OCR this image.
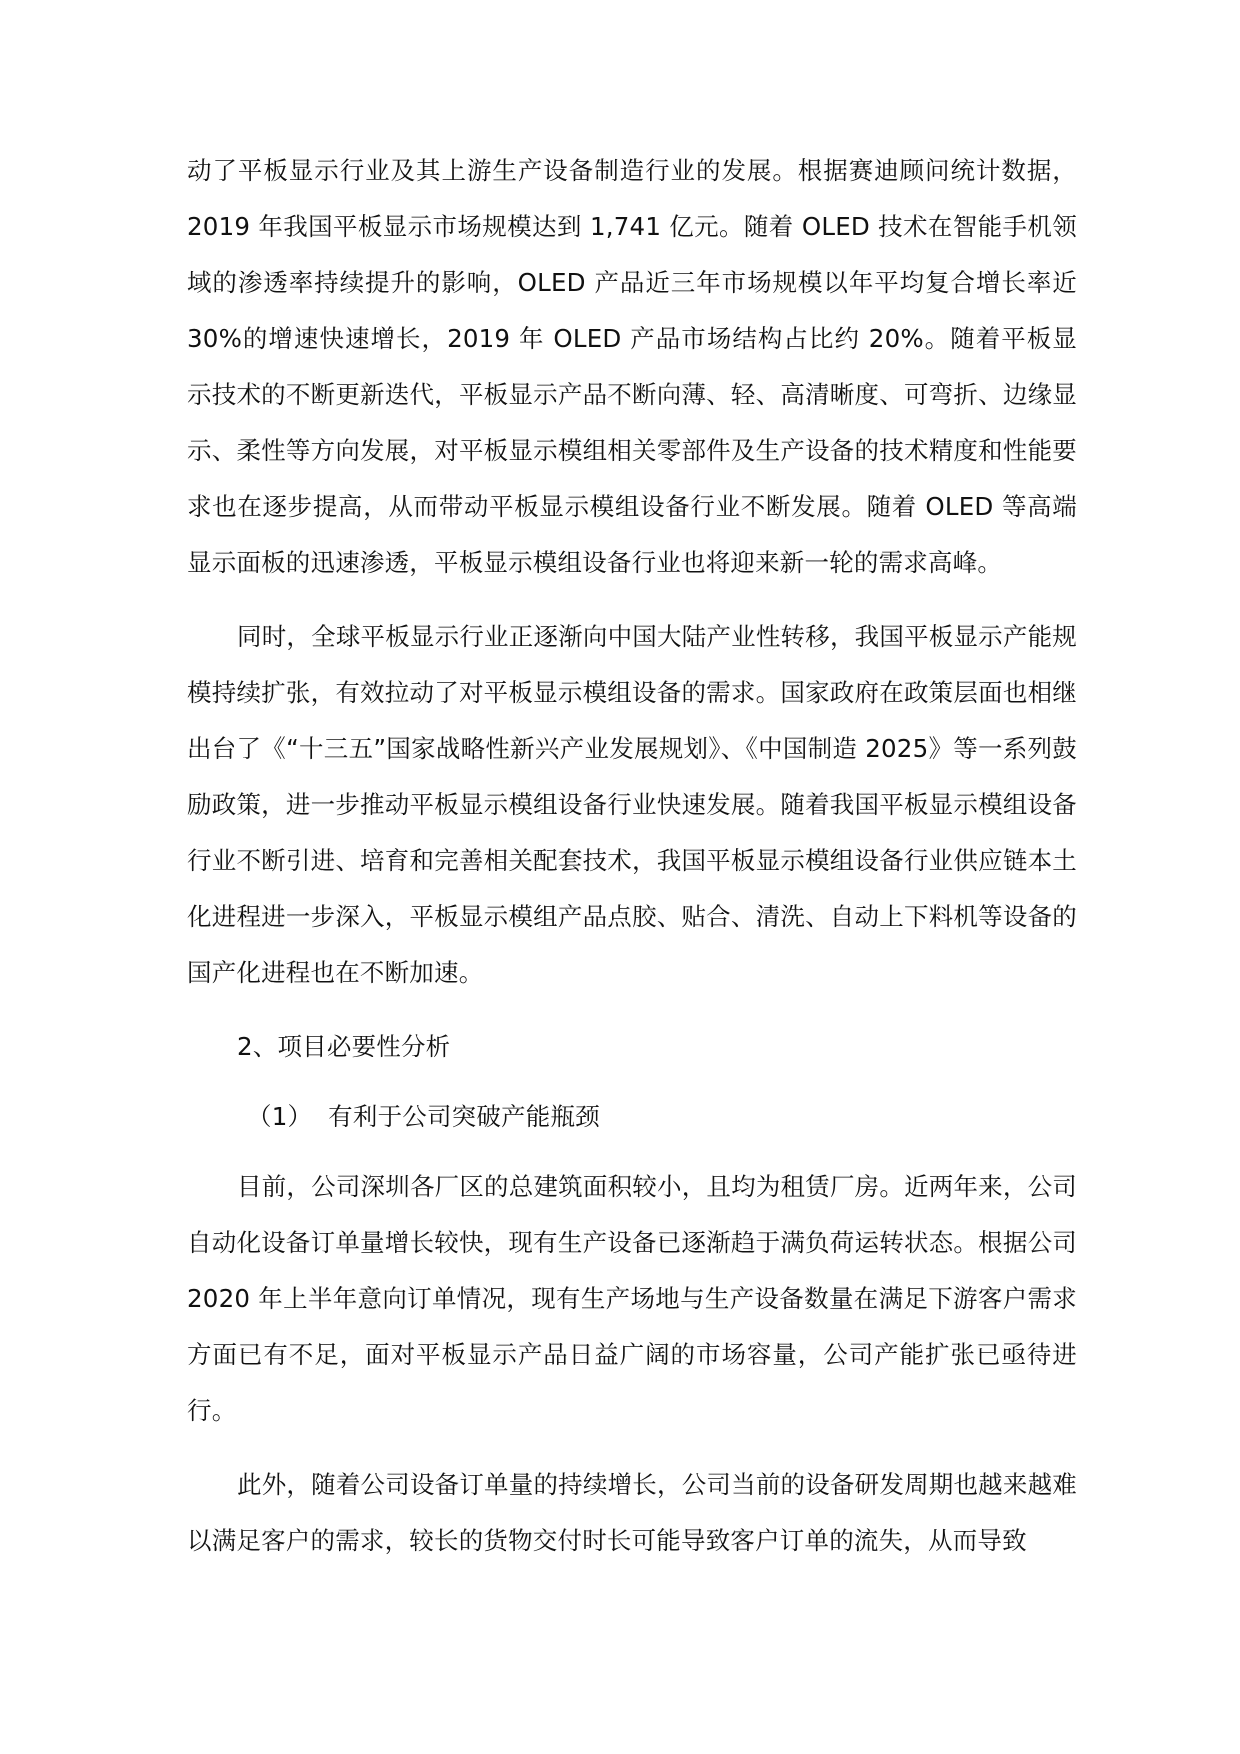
动了平板显示行业及其上游生产设备制造行业的发展。根据赛迪顾问统计数据，2019 年我国平板显示市场规模达到 1,741 亿元。随着 OLED 技术在智能手机领域的渗透率持续提升的影响，OLED 产品近三年市场规模以年平均复合增长率近 30%的增速快速增长，2019 年 OLED 产品市场结构占比约 20%。随着平板显示技术的不断更新迭代，平板显示产品不断向薄、轻、高清晰度、可弯折、边缘显示、柔性等方向发展，对平板显示模组相关零部件及生产设备的技术精度和性能要求也在逐步提高，从而带动平板显示模组设备行业不断发展。随着 OLED 等高端显示面板的迅速渗透，平板显示模组设备行业也将迎来新一轮的需求高峰。

同时，全球平板显示行业正逐渐向中国大陆产业性转移，我国平板显示产能规模持续扩张，有效拉动了对平板显示模组设备的需求。国家政府在政策层面也相继出台了《“十三五”国家战略性新兴产业发展规划》、《中国制造 2025》等一系列鼓励政策，进一步推动平板显示模组设备行业快速发展。随着我国平板显示模组设备行业不断引进、培育和完善相关配套技术，我国平板显示模组设备行业供应链本土化进程进一步深入，平板显示模组产品点胶、贴合、清洗、自动上下料机等设备的国产化进程也在不断加速。

2、项目必要性分析

（1）  有利于公司突破产能瓶颈

目前，公司深圳各厂区的总建筑面积较小，且均为租赁厂房。近两年来，公司自动化设备订单量增长较快，现有生产设备已逐渐趋于满负荷运转状态。根据公司 2020 年上半年意向订单情况，现有生产场地与生产设备数量在满足下游客户需求方面已有不足，面对平板显示产品日益广阔的市场容量，公司产能扩张已亟待进行。

此外，随着公司设备订单量的持续增长，公司当前的设备研发周期也越来越难以满足客户的需求，较长的货物交付时长可能导致客户订单的流失，从而导致
